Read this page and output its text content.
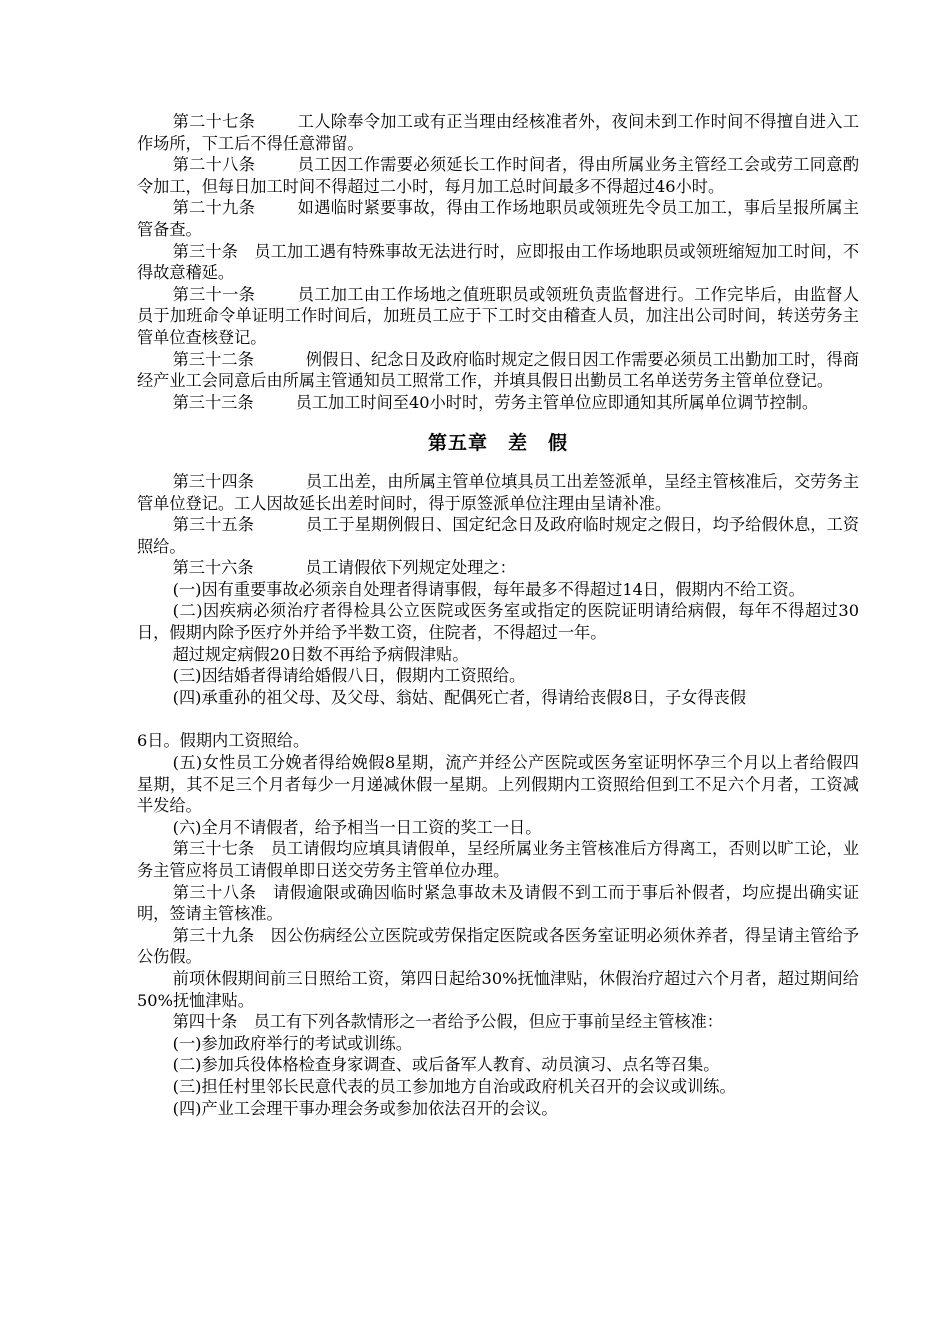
第二十七条	工人除奉令加工或有正当理由经核准者外，夜间未到工作时间不得擅自进入工作场所，下工后不得任意滞留。

第二十八条	员工因工作需要必须延长工作时间者，得由所属业务主管经工会或劳工同意酌令加工，但每日加工时间不得超过二小时，每月加工总时间最多不得超过46小时。

第二十九条	如遇临时紧要事故，得由工作场地职员或领班先令员工加工，事后呈报所属主管备查。

第三十条 员工加工遇有特殊事故无法进行时，应即报由工作场地职员或领班缩短加工时间，不得故意稽延。

第三十一条	员工加工由工作场地之值班职员或领班负责监督进行。工作完毕后，由监督人员于加班命令单证明工作时间后，加班员工应于下工时交由稽查人员，加注出公司时间，转送劳务主管单位查核登记。

第三十二条	例假日、纪念日及政府临时规定之假日因工作需要必须员工出勤加工时，得商经产业工会同意后由所属主管通知员工照常工作，并填具假日出勤员工名单送劳务主管单位登记。

第三十三条	员工加工时间至40小时时，劳务主管单位应即通知其所属单位调节控制。

第五章　差　假

第三十四条	员工出差，由所属主管单位填具员工出差签派单，呈经主管核准后，交劳务主管单位登记。工人因故延长出差时间时，得于原签派单位注理由呈请补准。

第三十五条	员工于星期例假日、国定纪念日及政府临时规定之假日，均予给假休息，工资照给。

第三十六条	员工请假依下列规定处理之：

(一)因有重要事故必须亲自处理者得请事假，每年最多不得超过14日，假期内不给工资。

(二)因疾病必须治疗者得检具公立医院或医务室或指定的医院证明请给病假，每年不得超过30日，假期内除予医疗外并给予半数工资，住院者，不得超过一年。

超过规定病假20日数不再给予病假津贴。

(三)因结婚者得请给婚假八日，假期内工资照给。

(四)承重孙的祖父母、及父母、翁姑、配偶死亡者，得请给丧假8日，子女得丧假

6日。假期内工资照给。

(五)女性员工分娩者得给娩假8星期，流产并经公产医院或医务室证明怀孕三个月以上者给假四星期，其不足三个月者每少一月递减休假一星期。上列假期内工资照给但到工不足六个月者，工资减半发给。

(六)全月不请假者，给予相当一日工资的奖工一日。

第三十七条 员工请假均应填具请假单，呈经所属业务主管核准后方得离工，否则以旷工论，业务主管应将员工请假单即日送交劳务主管单位办理。

第三十八条 请假逾限或确因临时紧急事故未及请假不到工而于事后补假者，均应提出确实证明，签请主管核准。

第三十九条 因公伤病经公立医院或劳保指定医院或各医务室证明必须休养者，得呈请主管给予公伤假。

前项休假期间前三日照给工资，第四日起给30%抚恤津贴，休假治疗超过六个月者，超过期间给50%抚恤津贴。

第四十条 员工有下列各款情形之一者给予公假，但应于事前呈经主管核准：

(一)参加政府举行的考试或训练。

(二)参加兵役体格检查身家调查、或后备军人教育、动员演习、点名等召集。

(三)担任村里邻长民意代表的员工参加地方自治或政府机关召开的会议或训练。

(四)产业工会理干事办理会务或参加依法召开的会议。
